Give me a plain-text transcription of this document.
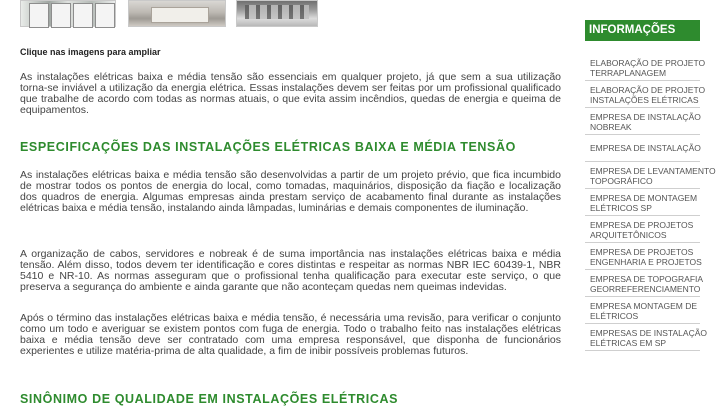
Clique nas imagens para ampliar

As instalações elétricas baixa e média tensão são essenciais em qualquer projeto, já que sem a sua utilização torna-se inviável a utilização da energia elétrica. Essas instalações devem ser feitas por um profissional qualificado que trabalhe de acordo com todas as normas atuais, o que evita assim incêndios, quedas de energia e queima de equipamentos.

ESPECIFICAÇÕES DAS INSTALAÇÕES ELÉTRICAS BAIXA E MÉDIA TENSÃO

As instalações elétricas baixa e média tensão são desenvolvidas a partir de um projeto prévio, que fica incumbido de mostrar todos os pontos de energia do local, como tomadas, maquinários, disposição da fiação e localização dos quadros de energia. Algumas empresas ainda prestam serviço de acabamento final durante as instalações elétricas baixa e média tensão, instalando ainda lâmpadas, luminárias e demais componentes de iluminação.

A organização de cabos, servidores e nobreak é de suma importância nas instalações elétricas baixa e média tensão. Além disso, todos devem ter identificação e cores distintas e respeitar as normas NBR IEC 60439-1, NBR 5410 e NR-10. As normas asseguram que o profissional tenha qualificação para executar este serviço, o que preserva a segurança do ambiente e ainda garante que não aconteçam quedas nem queimas indevidas.

Após o término das instalações elétricas baixa e média tensão, é necessária uma revisão, para verificar o conjunto como um todo e averiguar se existem pontos com fuga de energia. Todo o trabalho feito nas instalações elétricas baixa e média tensão deve ser contratado com uma empresa responsável, que disponha de funcionários experientes e utilize matéria-prima de alta qualidade, a fim de inibir possíveis problemas futuros.

SINÔNIMO DE QUALIDADE EM INSTALAÇÕES ELÉTRICAS
INFORMAÇÕES
ELABORAÇÃO DE PROJETO
TERRAPLANAGEM
ELABORAÇÃO DE PROJETO
INSTALAÇÕES ELÉTRICAS
EMPRESA DE INSTALAÇÃO
NOBREAK
EMPRESA DE INSTALAÇÃO
EMPRESA DE LEVANTAMENTO
TOPOGRÁFICO
EMPRESA DE MONTAGEM
ELÉTRICOS SP
EMPRESA DE PROJETOS
ARQUITETÔNICOS
EMPRESA DE PROJETOS
ENGENHARIA E PROJETOS
EMPRESA DE TOPOGRAFIA
GEORREFERENCIAMENTO
EMPRESA MONTAGEM DE
ELÉTRICOS
EMPRESAS DE INSTALAÇÃO
ELÉTRICAS EM SP
